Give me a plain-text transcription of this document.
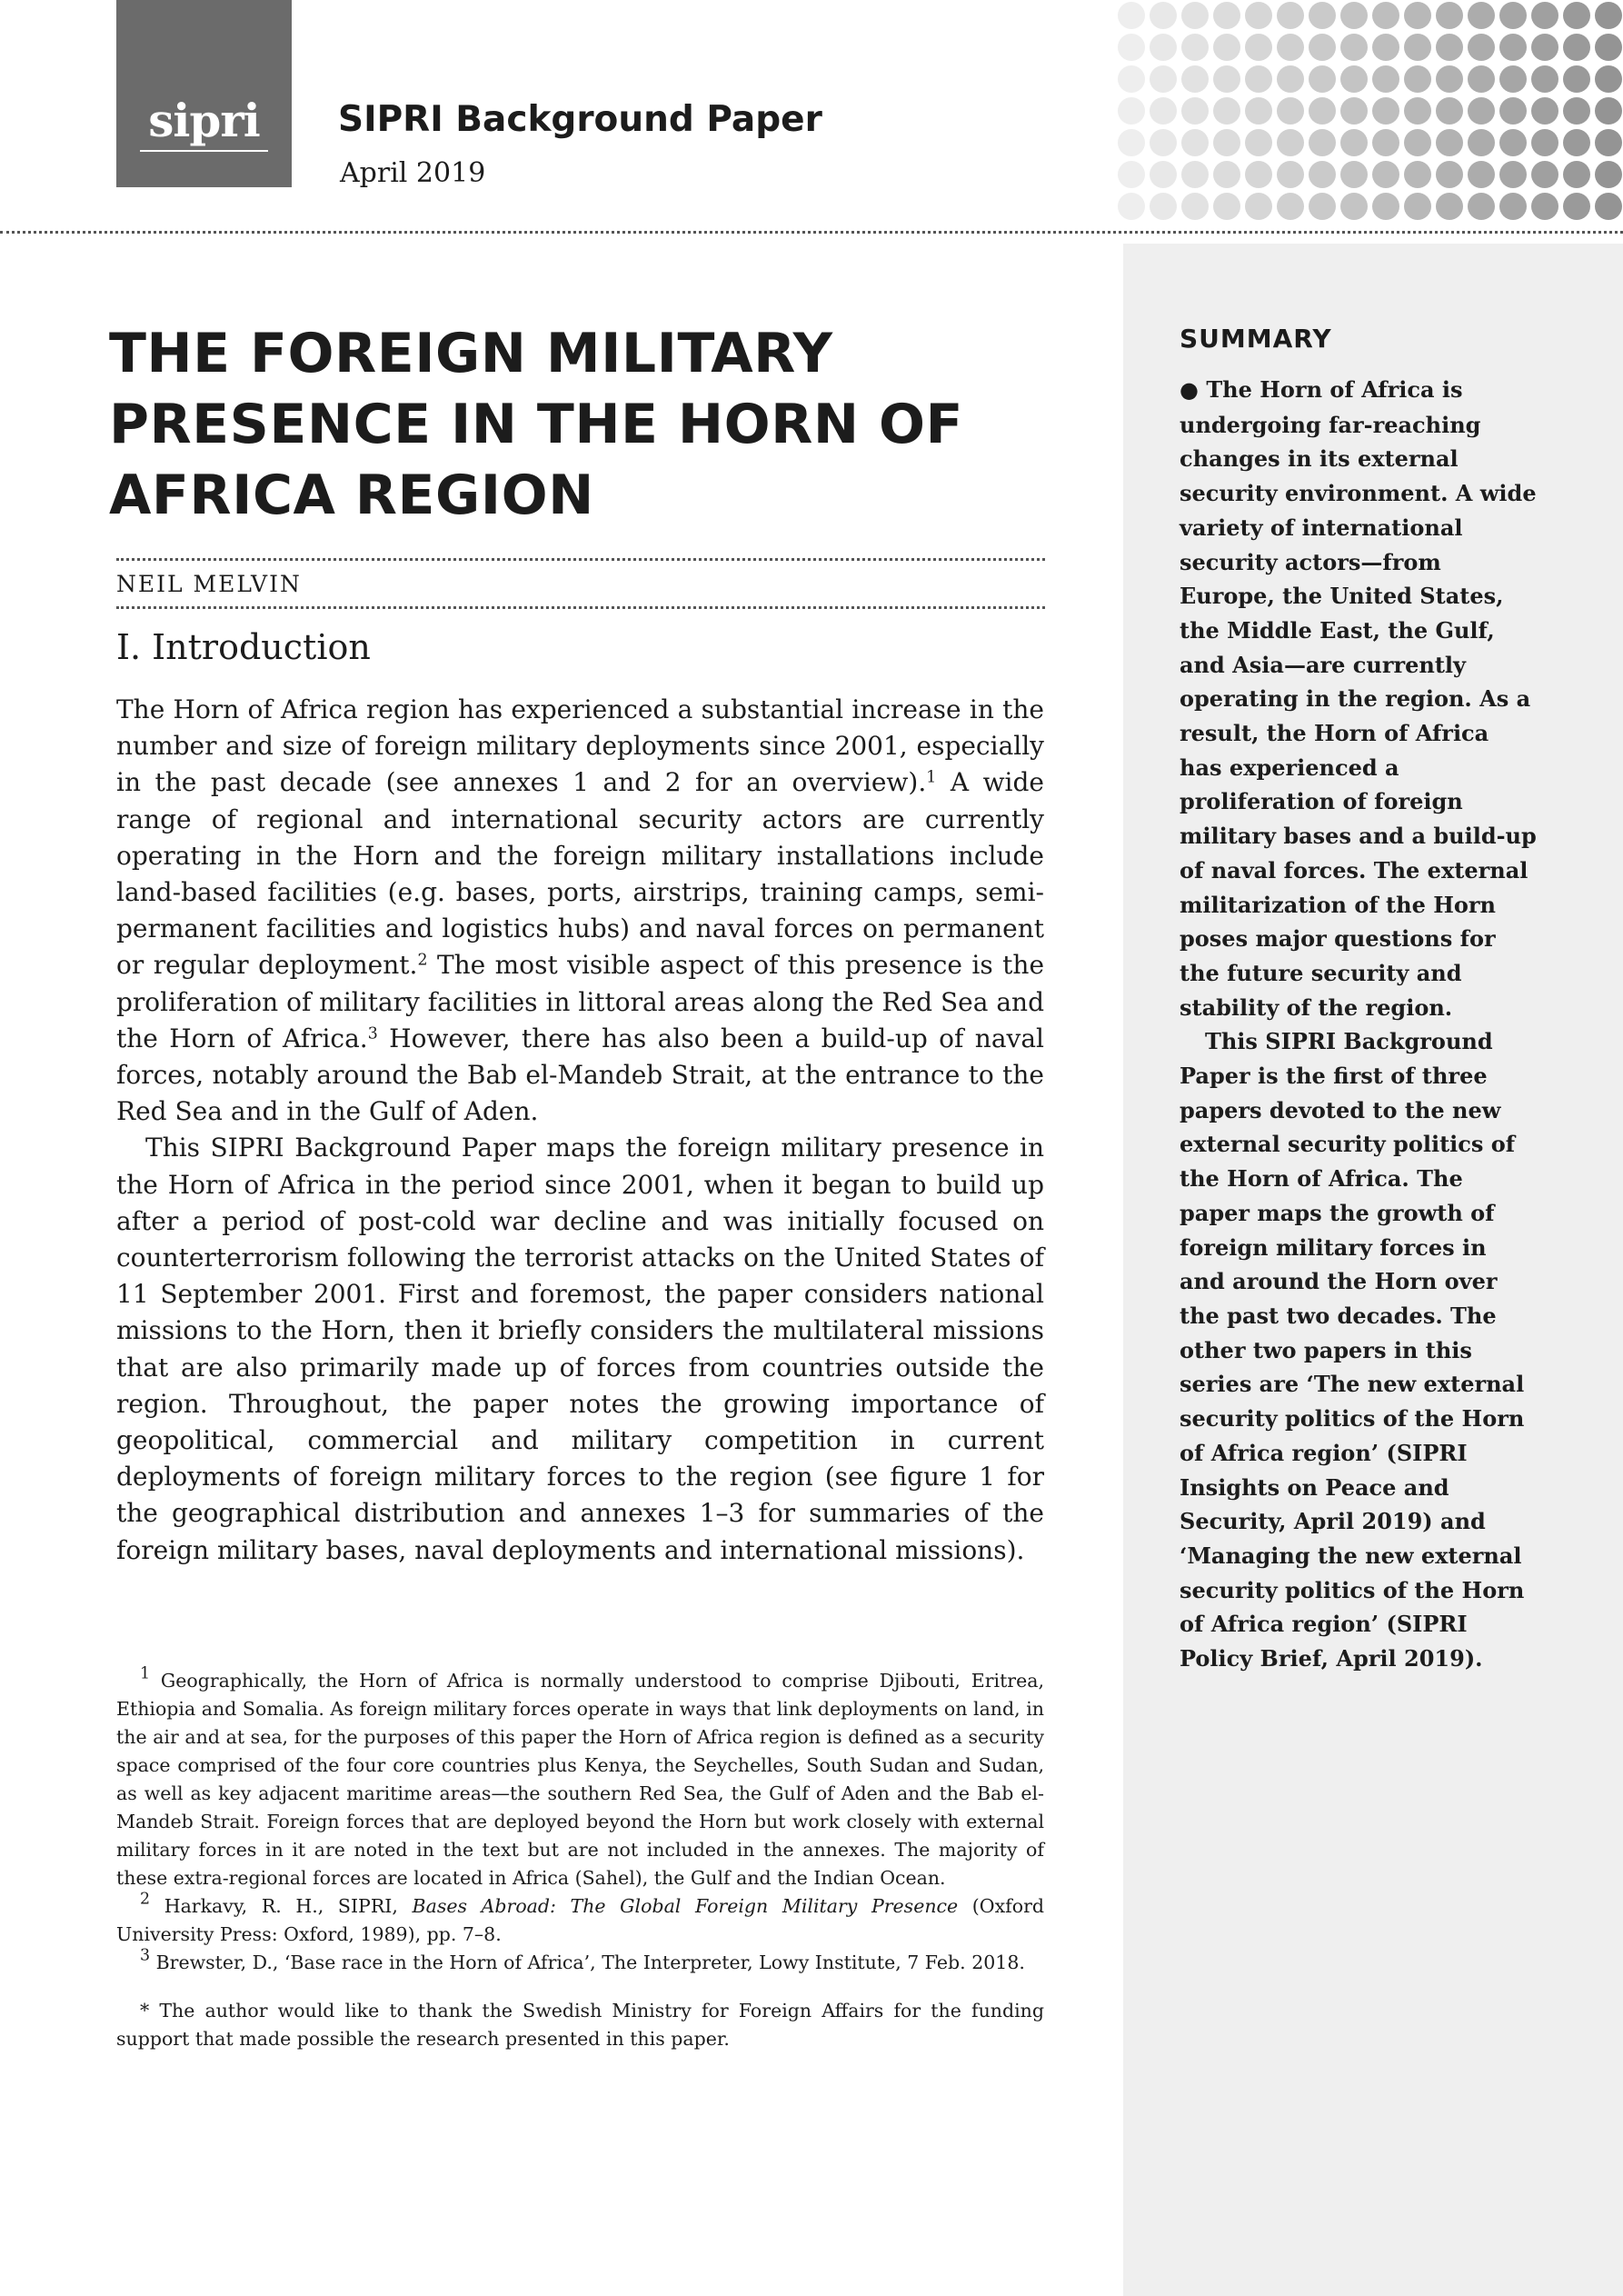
sipri	SIPRI Background Paper
April 2019
SUMMARY

● The Horn of Africa is undergoing far-reaching changes in its external security environment. A wide variety of international security actors—from Europe, the United States, the Middle East, the Gulf, and Asia—are currently operating in the region. As a result, the Horn of Africa has experienced a proliferation of foreign military bases and a build-up of naval forces. The external militarization of the Horn poses major questions for the future security and stability of the region.

This SIPRI Background Paper is the first of three papers devoted to the new external security politics of the Horn of Africa. The paper maps the growth of foreign military forces in and around the Horn over the past two decades. The other two papers in this series are ‘The new external security politics of the Horn of Africa region’ (SIPRI Insights on Peace and Security, April 2019) and ‘Managing the new external security politics of the Horn of Africa region’ (SIPRI Policy Brief, April 2019).

THE FOREIGN MILITARY
PRESENCE IN THE HORN OF
AFRICA REGION
NEIL MELVIN
I. Introduction

The Horn of Africa region has experienced a substantial increase in the number and size of foreign military deployments since 2001, especially in the past decade (see annexes 1 and 2 for an overview).$^1$ A wide range of regional and international security actors are currently operating in the Horn and the foreign military installations include land-based facilities (e.g. bases, ports, airstrips, training camps, semi-permanent facilities and logistics hubs) and naval forces on permanent or regular deployment.$^2$ The most visible aspect of this presence is the proliferation of military facilities in littoral areas along the Red Sea and the Horn of Africa.$^3$ However, there has also been a build-up of naval forces, notably around the Bab el-Mandeb Strait, at the entrance to the Red Sea and in the Gulf of Aden.

This SIPRI Background Paper maps the foreign military presence in the Horn of Africa in the period since 2001, when it began to build up after a period of post-cold war decline and was initially focused on counterterrorism following the terrorist attacks on the United States of 11 September 2001. First and foremost, the paper considers national missions to the Horn, then it briefly considers the multilateral missions that are also primarily made up of forces from countries outside the region. Throughout, the paper notes the growing importance of geopolitical, commercial and military competition in current deployments of foreign military forces to the region (see figure 1 for the geographical distribution and annexes 1–3 for summaries of the foreign military bases, naval deployments and international missions).

$^1$ Geographically, the Horn of Africa is normally understood to comprise Djibouti, Eritrea, Ethiopia and Somalia. As foreign military forces operate in ways that link deployments on land, in the air and at sea, for the purposes of this paper the Horn of Africa region is defined as a security space comprised of the four core countries plus Kenya, the Seychelles, South Sudan and Sudan, as well as key adjacent maritime areas—the southern Red Sea, the Gulf of Aden and the Bab el-Mandeb Strait. Foreign forces that are deployed beyond the Horn but work closely with external military forces in it are noted in the text but are not included in the annexes. The majority of these extra-regional forces are located in Africa (Sahel), the Gulf and the Indian Ocean.

$^2$ Harkavy, R. H., SIPRI, Bases Abroad: The Global Foreign Military Presence (Oxford University Press: Oxford, 1989), pp. 7–8.

$^3$ Brewster, D., ‘Base race in the Horn of Africa’, The Interpreter, Lowy Institute, 7 Feb. 2018.

* The author would like to thank the Swedish Ministry for Foreign Affairs for the funding support that made possible the research presented in this paper.
